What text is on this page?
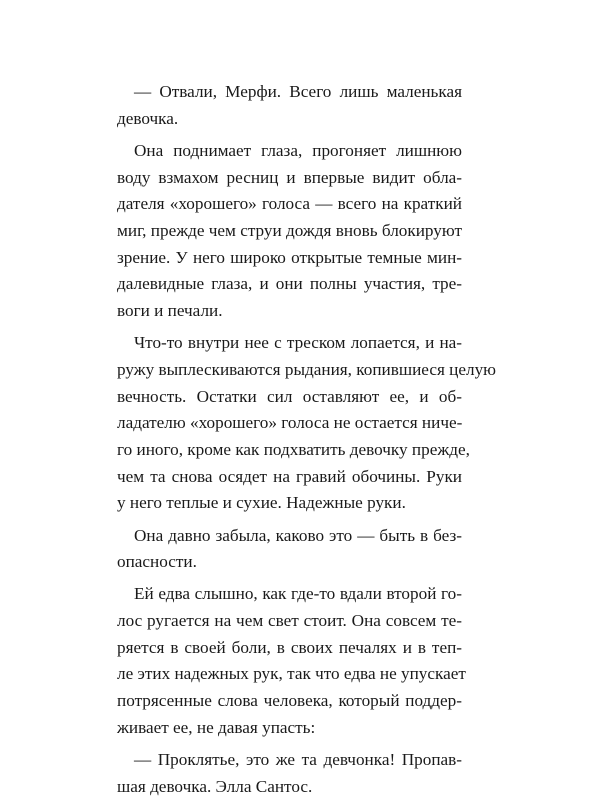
— Отвали, Мерфи. Всего лишь маленькая
девочка.
Она поднимает глаза, прогоняет лишнюю
воду взмахом ресниц и впервые видит обла-
дателя «хорошего» голоса — всего на краткий
миг, прежде чем струи дождя вновь блокируют
зрение. У него широко открытые темные мин-
далевидные глаза, и они полны участия, тре-
воги и печали.
Что-то внутри нее с треском лопается, и на-
ружу выплескиваются рыдания, копившиеся целую
вечность. Остатки сил оставляют ее, и об-
ладателю «хорошего» голоса не остается ниче-
го иного, кроме как подхватить девочку прежде,
чем та снова осядет на гравий обочины. Руки
у него теплые и сухие. Надежные руки.
Она давно забыла, каково это — быть в без-
опасности.
Ей едва слышно, как где-то вдали второй го-
лос ругается на чем свет стоит. Она совсем те-
ряется в своей боли, в своих печалях и в теп-
ле этих надежных рук, так что едва не упускает
потрясенные слова человека, который поддер-
живает ее, не давая упасть:
— Проклятье, это же та девчонка! Пропав-
шая девочка. Элла Сантос.
